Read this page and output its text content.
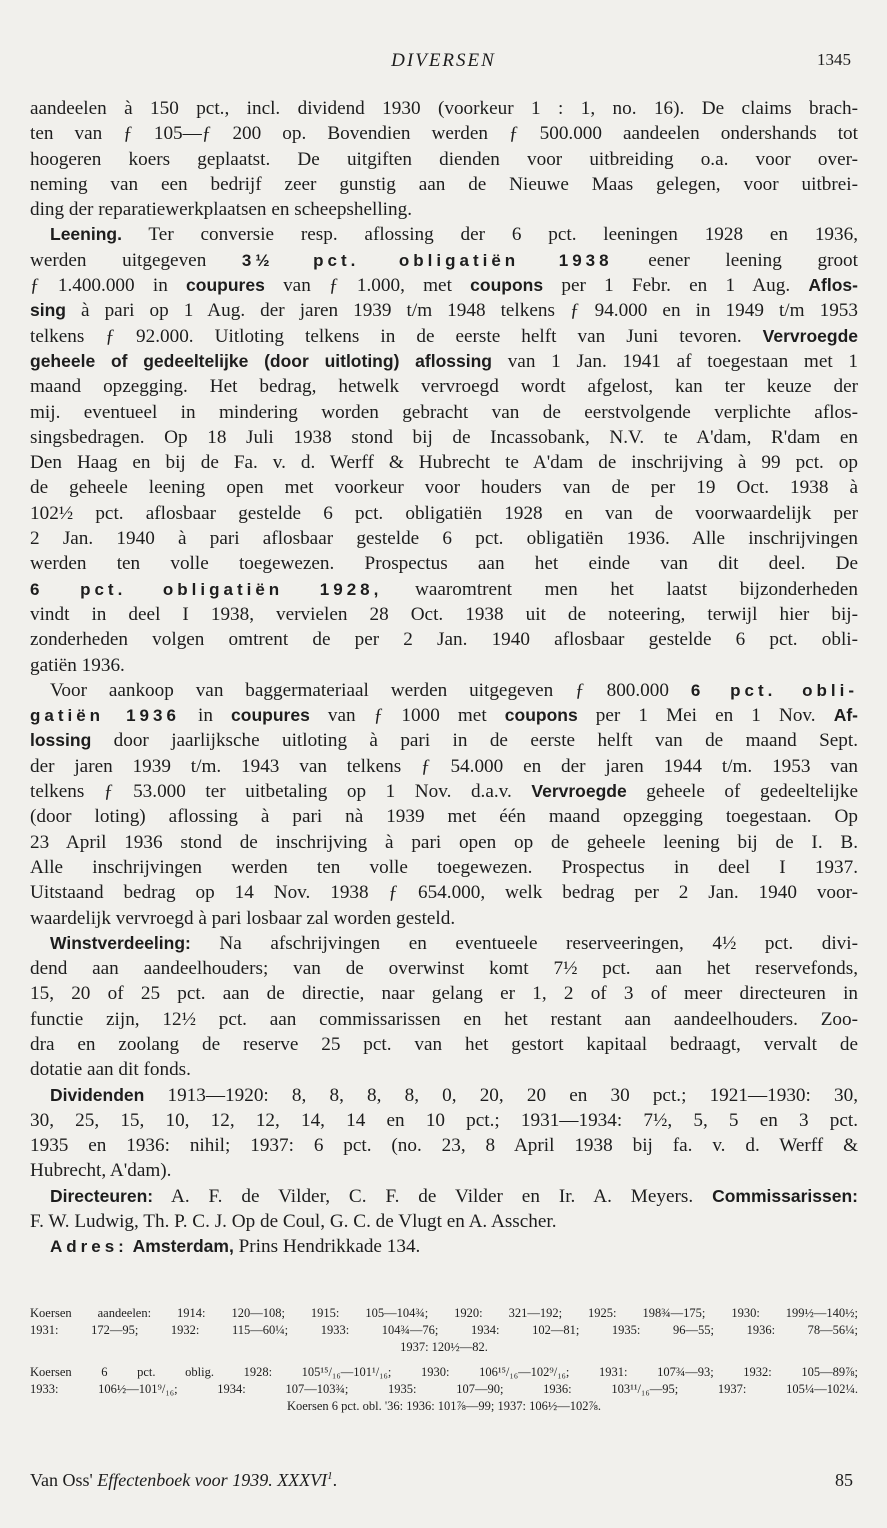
DIVERSEN	1345
aandeelen à 150 pct., incl. dividend 1930 (voorkeur 1 : 1, no. 16). De claims brach-
ten van ƒ 105—ƒ 200 op. Bovendien werden ƒ 500.000 aandeelen ondershands tot
hoogeren koers geplaatst. De uitgiften dienden voor uitbreiding o.a. voor over-
neming van een bedrijf zeer gunstig aan de Nieuwe Maas gelegen, voor uitbrei-
ding der reparatiewerkplaatsen en scheepshelling.
Leening. Ter conversie resp. aflossing der 6 pct. leeningen 1928 en 1936,
werden uitgegeven 3½ pct. obligatiën 1938 eener leening groot
ƒ 1.400.000 in coupures van ƒ 1.000, met coupons per 1 Febr. en 1 Aug. Aflos-
sing à pari op 1 Aug. der jaren 1939 t/m 1948 telkens ƒ 94.000 en in 1949 t/m 1953
telkens ƒ 92.000. Uitloting telkens in de eerste helft van Juni tevoren. Vervroegde
geheele of gedeeltelijke (door uitloting) aflossing van 1 Jan. 1941 af toegestaan met 1
maand opzegging. Het bedrag, hetwelk vervroegd wordt afgelost, kan ter keuze der
mij. eventueel in mindering worden gebracht van de eerstvolgende verplichte aflos-
singsbedragen. Op 18 Juli 1938 stond bij de Incassobank, N.V. te A'dam, R'dam en
Den Haag en bij de Fa. v. d. Werff & Hubrecht te A'dam de inschrijving à 99 pct. op
de geheele leening open met voorkeur voor houders van de per 19 Oct. 1938 à
102½ pct. aflosbaar gestelde 6 pct. obligatiën 1928 en van de voorwaardelijk per
2 Jan. 1940 à pari aflosbaar gestelde 6 pct. obligatiën 1936. Alle inschrijvingen
werden ten volle toegewezen. Prospectus aan het einde van dit deel. De
6 pct. obligatiën 1928, waaromtrent men het laatst bijzonderheden
vindt in deel I 1938, vervielen 28 Oct. 1938 uit de noteering, terwijl hier bij-
zonderheden volgen omtrent de per 2 Jan. 1940 aflosbaar gestelde 6 pct. obli-
gatiën 1936.
Voor aankoop van baggermateriaal werden uitgegeven ƒ 800.000 6 pct. obli-
gatiën 1936 in coupures van ƒ 1000 met coupons per 1 Mei en 1 Nov. Af-
lossing door jaarlijksche uitloting à pari in de eerste helft van de maand Sept.
der jaren 1939 t/m. 1943 van telkens ƒ 54.000 en der jaren 1944 t/m. 1953 van
telkens ƒ 53.000 ter uitbetaling op 1 Nov. d.a.v. Vervroegde geheele of gedeeltelijke
(door loting) aflossing à pari nà 1939 met één maand opzegging toegestaan. Op
23 April 1936 stond de inschrijving à pari open op de geheele leening bij de I. B.
Alle inschrijvingen werden ten volle toegewezen. Prospectus in deel I 1937.
Uitstaand bedrag op 14 Nov. 1938 ƒ 654.000, welk bedrag per 2 Jan. 1940 voor-
waardelijk vervroegd à pari losbaar zal worden gesteld.
Winstverdeeling: Na afschrijvingen en eventueele reserveeringen, 4½ pct. divi-
dend aan aandeelhouders; van de overwinst komt 7½ pct. aan het reservefonds,
15, 20 of 25 pct. aan de directie, naar gelang er 1, 2 of 3 of meer directeuren in
functie zijn, 12½ pct. aan commissarissen en het restant aan aandeelhouders. Zoo-
dra en zoolang de reserve 25 pct. van het gestort kapitaal bedraagt, vervalt de
dotatie aan dit fonds.
Dividenden 1913—1920: 8, 8, 8, 8, 0, 20, 20 en 30 pct.; 1921—1930: 30,
30, 25, 15, 10, 12, 12, 14, 14 en 10 pct.; 1931—1934: 7½, 5, 5 en 3 pct.
1935 en 1936: nihil; 1937: 6 pct. (no. 23, 8 April 1938 bij fa. v. d. Werff &
Hubrecht, A'dam).
Directeuren: A. F. de Vilder, C. F. de Vilder en Ir. A. Meyers. Commissarissen:
F. W. Ludwig, Th. P. C. J. Op de Coul, G. C. de Vlugt en A. Asscher.
Adres: Amsterdam, Prins Hendrikkade 134.
Koersen aandeelen: 1914: 120—108; 1915: 105—104¾; 1920: 321—192; 1925: 198¾—175; 1930: 199½—140½;
1931: 172—95; 1932: 115—60¼; 1933: 104¾—76; 1934: 102—81; 1935: 96—55; 1936: 78—56¼;
1937: 120½—82.
Koersen 6 pct. oblig. 1928: 105¹⁵/₁₆—101¹/₁₆; 1930: 106¹⁵/₁₆—102⁹/₁₆; 1931: 107¾—93; 1932: 105—89⅞;
1933: 106½—101⁹/₁₆; 1934: 107—103¾; 1935: 107—90; 1936: 103¹¹/₁₆—95; 1937: 105¼—102¼.
Koersen 6 pct. obl. '36: 1936: 101⅞—99; 1937: 106½—102⅞.
Van Oss' Effectenboek voor 1939. XXXVI$^1$.	85
